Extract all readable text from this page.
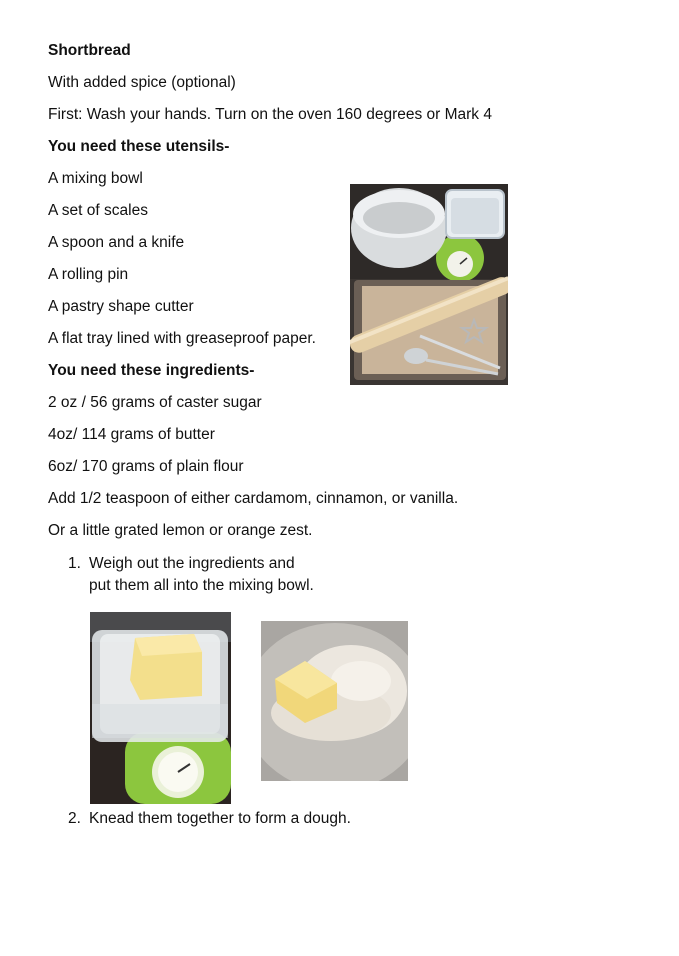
Shortbread
With added spice (optional)
First: Wash your hands. Turn on the oven 160 degrees or Mark 4
You need these utensils-
A mixing bowl
A set of scales
A spoon and a knife
A rolling pin
A pastry shape cutter
A flat tray lined with greaseproof paper.
You need these ingredients-
2 oz / 56 grams of caster sugar
4oz/ 114 grams of butter
6oz/ 170 grams of plain flour
Add 1/2 teaspoon of either cardamom, cinnamon, or vanilla.
Or a little grated lemon or orange zest.
1. Weigh out the ingredients and
put them all into the mixing bowl.
2. Knead them together to form a dough.
